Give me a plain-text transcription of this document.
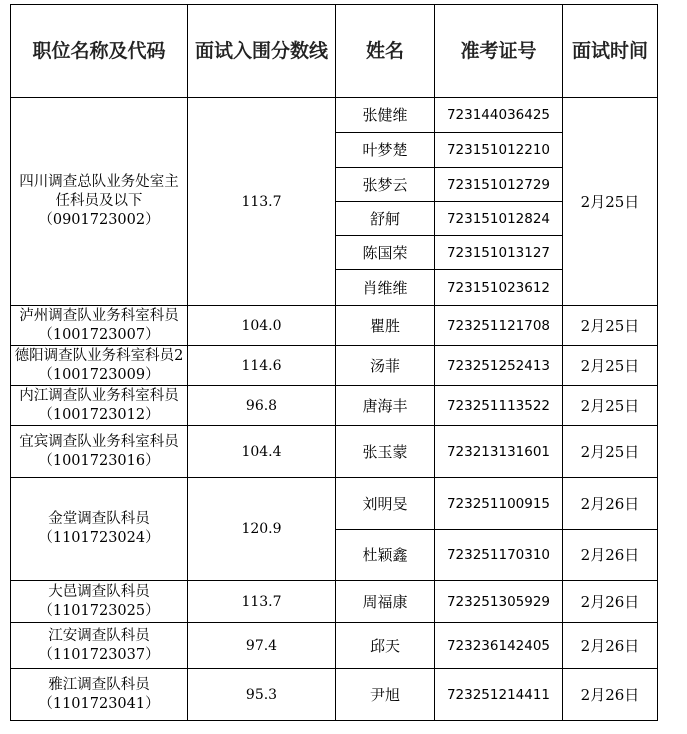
职位名称及代码	面试入围分数线	姓名	准考证号	面试时间
四川调查总队业务处室主任科员及以下（0901723002）	113.7	张健维	723144036425	2月25日
		叶梦楚	723151012210	
		张梦云	723151012729	
		舒舸	723151012824	
		陈国荣	723151013127	
		肖维维	723151023612	
泸州调查队业务科室科员（1001723007）	104.0	瞿胜	723251121708	2月25日
德阳调查队业务科室科员2（1001723009）	114.6	汤菲	723251252413	2月25日
内江调查队业务科室科员（1001723012）	96.8	唐海丰	723251113522	2月25日
宜宾调查队业务科室科员（1001723016）	104.4	张玉蒙	723213131601	2月25日
金堂调查队科员（1101723024）	120.9	刘明旻	723251100915	2月26日
		杜颖鑫	723251170310	2月26日
大邑调查队科员（1101723025）	113.7	周福康	723251305929	2月26日
江安调查队科员（1101723037）	97.4	邱天	723236142405	2月26日
雅江调查队科员（1101723041）	95.3	尹旭	723251214411	2月26日
